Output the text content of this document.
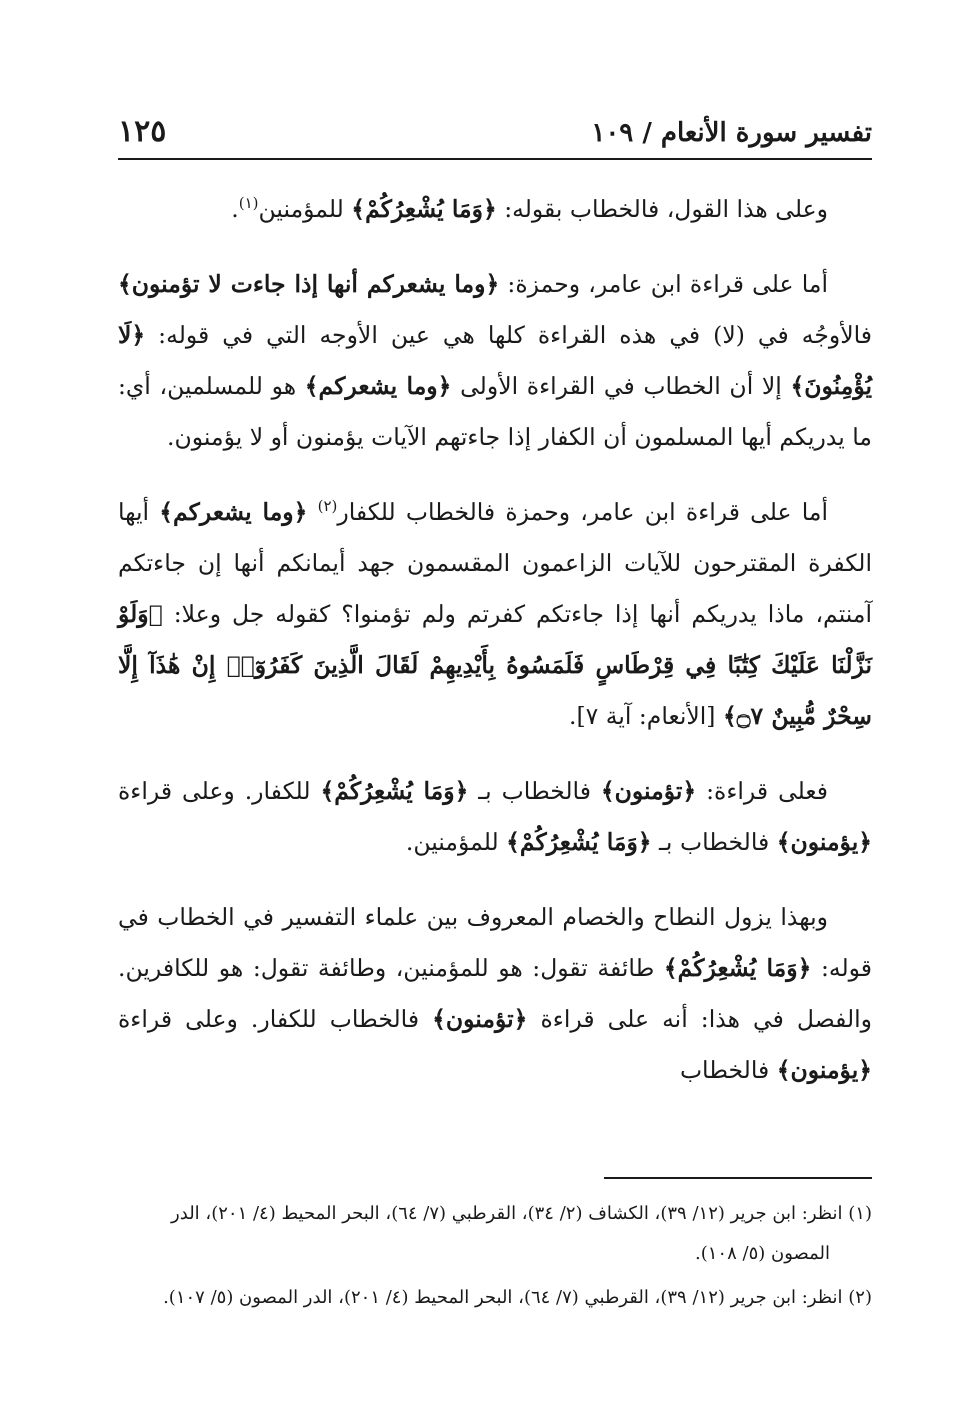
تفسير سورة الأنعام / ١٠٩
١٢٥

وعلى هذا القول، فالخطاب بقوله: ﴿وَمَا يُشْعِرُكُمْ﴾ للمؤمنين$^{(١)}$.

أما على قراءة ابن عامر، وحمزة: ﴿وما يشعركم أنها إذا جاءت لا تؤمنون﴾ فالأوجُه في (لا) في هذه القراءة كلها هي عين الأوجه التي في قوله: ﴿لَا يُؤْمِنُونَ﴾ إلا أن الخطاب في القراءة الأولى ﴿وما يشعركم﴾ هو للمسلمين، أي: ما يدريكم أيها المسلمون أن الكفار إذا جاءتهم الآيات يؤمنون أو لا يؤمنون.

أما على قراءة ابن عامر، وحمزة فالخطاب للكفار$^{(٢)}$ ﴿وما يشعركم﴾ أيها الكفرة المقترحون للآيات الزاعمون المقسمون جهد أيمانكم أنها إن جاءتكم آمنتم، ماذا يدريكم أنها إذا جاءتكم كفرتم ولم تؤمنوا؟ كقوله جل وعلا: ﴿وَلَوْ نَزَّلْنَا عَلَيْكَ كِتَٰبًا فِي قِرْطَاسٍ فَلَمَسُوهُ بِأَيْدِيهِمْ لَقَالَ الَّذِينَ كَفَرُوٓا۟ إِنْ هَٰذَآ إِلَّا سِحْرٌ مُّبِينٌ ۝٧﴾ [الأنعام: آية ٧].

فعلى قراءة: ﴿تؤمنون﴾ فالخطاب بـ ﴿وَمَا يُشْعِرُكُمْ﴾ للكفار. وعلى قراءة ﴿يؤمنون﴾ فالخطاب بـ ﴿وَمَا يُشْعِرُكُمْ﴾ للمؤمنين.

وبهذا يزول النطاح والخصام المعروف بين علماء التفسير في الخطاب في قوله: ﴿وَمَا يُشْعِرُكُمْ﴾ طائفة تقول: هو للمؤمنين، وطائفة تقول: هو للكافرين. والفصل في هذا: أنه على قراءة ﴿تؤمنون﴾ فالخطاب للكفار. وعلى قراءة ﴿يؤمنون﴾ فالخطاب

(١) انظر: ابن جرير (١٢/ ٣٩)، الكشاف (٢/ ٣٤)، القرطبي (٧/ ٦٤)، البحر المحيط (٤/ ٢٠١)، الدر المصون (٥/ ١٠٨).

(٢) انظر: ابن جرير (١٢/ ٣٩)، القرطبي (٧/ ٦٤)، البحر المحيط (٤/ ٢٠١)، الدر المصون (٥/ ١٠٧).
